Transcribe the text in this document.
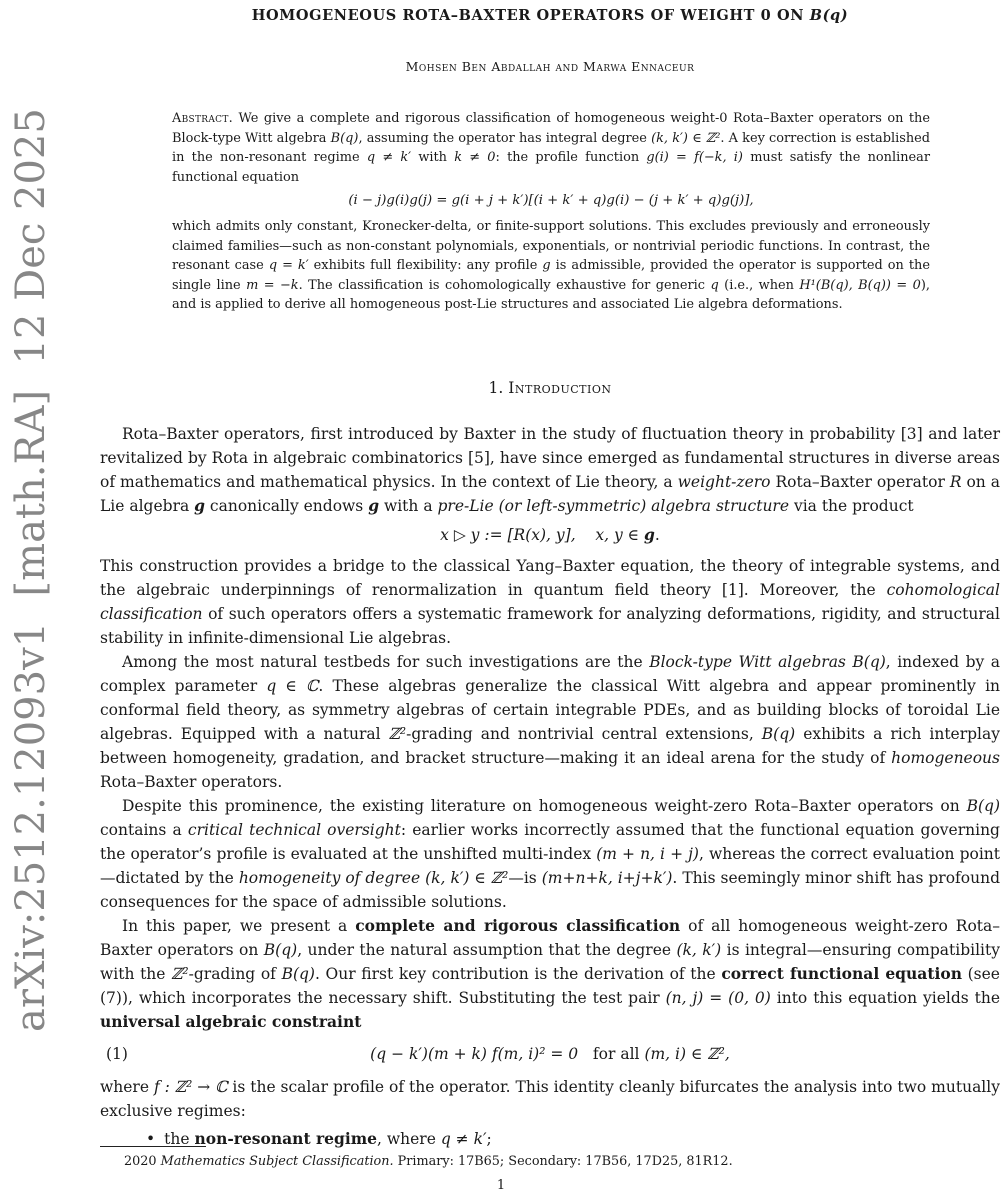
arXiv:2512.12093v1  [math.RA]  12 Dec 2025
HOMOGENEOUS ROTA–BAXTER OPERATORS OF WEIGHT 0 ON B(q)
Mohsen Ben Abdallah and Marwa Ennaceur

Abstract. We give a complete and rigorous classification of homogeneous weight-0 Rota–Baxter operators on the Block-type Witt algebra B(q), assuming the operator has integral degree (k, k′) ∈ ℤ². A key correction is established in the non-resonant regime q ≠ k′ with k ≠ 0: the profile function g(i) = f(−k, i) must satisfy the nonlinear functional equation

(i − j)g(i)g(j) = g(i + j + k′)[(i + k′ + q)g(i) − (j + k′ + q)g(j)],

which admits only constant, Kronecker-delta, or finite-support solutions. This excludes previously and erroneously claimed families—such as non-constant polynomials, exponentials, or nontrivial periodic functions. In contrast, the resonant case q = k′ exhibits full flexibility: any profile g is admissible, provided the operator is supported on the single line m = −k. The classification is cohomologically exhaustive for generic q (i.e., when H¹(B(q), B(q)) = 0), and is applied to derive all homogeneous post-Lie structures and associated Lie algebra deformations.

1. Introduction

Rota–Baxter operators, first introduced by Baxter in the study of fluctuation theory in probability [3] and later revitalized by Rota in algebraic combinatorics [5], have since emerged as fundamental structures in diverse areas of mathematics and mathematical physics. In the context of Lie theory, a weight-zero Rota–Baxter operator R on a Lie algebra g canonically endows g with a pre-Lie (or left-symmetric) algebra structure via the product

x ▷ y := [R(x), y], x, y ∈ g.

This construction provides a bridge to the classical Yang–Baxter equation, the theory of integrable systems, and the algebraic underpinnings of renormalization in quantum field theory [1]. Moreover, the cohomological classification of such operators offers a systematic framework for analyzing deformations, rigidity, and structural stability in infinite-dimensional Lie algebras.

Among the most natural testbeds for such investigations are the Block-type Witt algebras B(q), indexed by a complex parameter q ∈ ℂ. These algebras generalize the classical Witt algebra and appear prominently in conformal field theory, as symmetry algebras of certain integrable PDEs, and as building blocks of toroidal Lie algebras. Equipped with a natural ℤ²-grading and nontrivial central extensions, B(q) exhibits a rich interplay between homogeneity, gradation, and bracket structure—making it an ideal arena for the study of homogeneous Rota–Baxter operators.

Despite this prominence, the existing literature on homogeneous weight-zero Rota–Baxter operators on B(q) contains a critical technical oversight: earlier works incorrectly assumed that the functional equation governing the operator’s profile is evaluated at the unshifted multi-index (m + n, i + j), whereas the correct evaluation point—dictated by the homogeneity of degree (k, k′) ∈ ℤ²—is (m+n+k, i+j+k′). This seemingly minor shift has profound consequences for the space of admissible solutions.

In this paper, we present a complete and rigorous classification of all homogeneous weight-zero Rota–Baxter operators on B(q), under the natural assumption that the degree (k, k′) is integral—ensuring compatibility with the ℤ²-grading of B(q). Our first key contribution is the derivation of the correct functional equation (see (7)), which incorporates the necessary shift. Substituting the test pair (n, j) = (0, 0) into this equation yields the universal algebraic constraint

(1)	(q − k′)(m + k) f(m, i)² = 0   for all (m, i) ∈ ℤ²,

where f : ℤ² → ℂ is the scalar profile of the operator. This identity cleanly bifurcates the analysis into two mutually exclusive regimes:

• the non-resonant regime, where q ≠ k′;
2020 Mathematics Subject Classification. Primary: 17B65; Secondary: 17B56, 17D25, 81R12.
1
